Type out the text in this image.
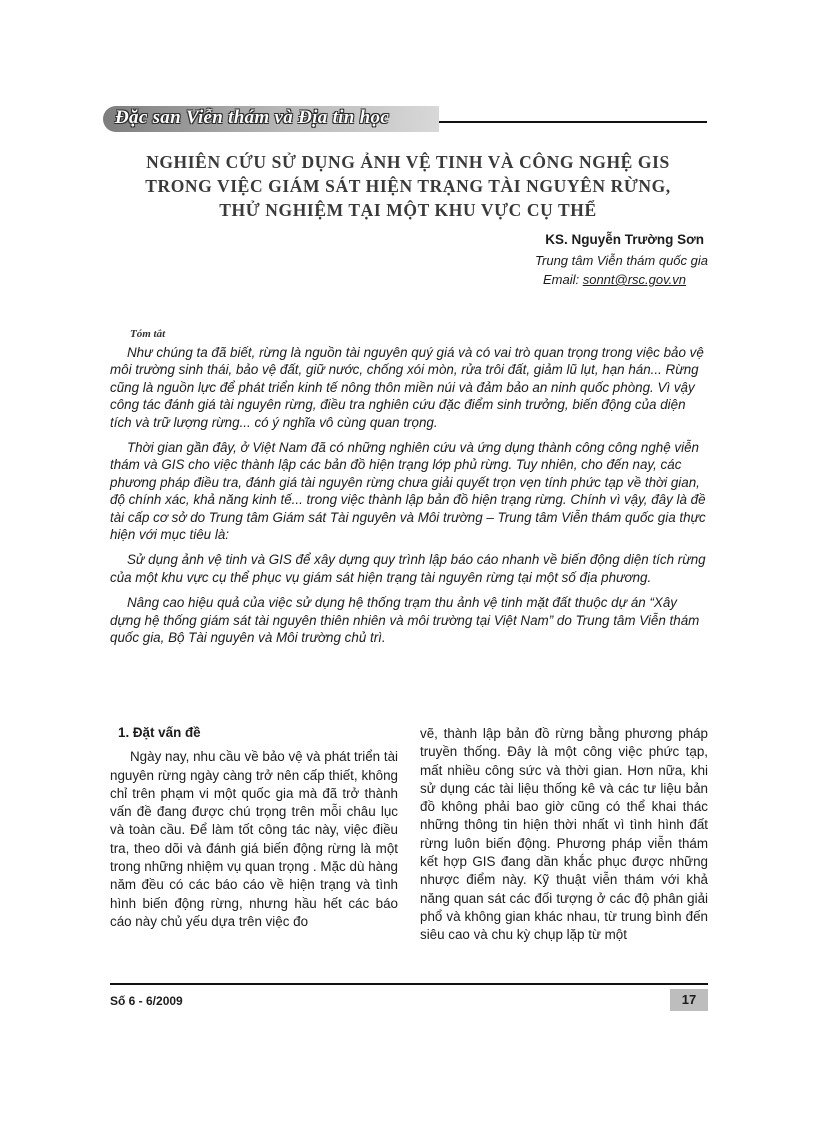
Đặc san Viễn thám và Địa tin học
NGHIÊN CỨU SỬ DỤNG ẢNH VỆ TINH VÀ CÔNG NGHỆ GIS
TRONG VIỆC GIÁM SÁT HIỆN TRẠNG TÀI NGUYÊN RỪNG,
THỬ NGHIỆM TẠI MỘT KHU VỰC CỤ THỂ
KS. Nguyễn Trường Sơn
Trung tâm Viễn thám quốc gia
Email: sonnt@rsc.gov.vn
Tóm tắt

Như chúng ta đã biết, rừng là nguồn tài nguyên quý giá và có vai trò quan trọng trong việc bảo vệ môi trường sinh thái, bảo vệ đất, giữ nước, chống xói mòn, rửa trôi đất, giảm lũ lụt, hạn hán... Rừng cũng là nguồn lực để phát triển kinh tế nông thôn miền núi và đảm bảo an ninh quốc phòng. Vì vậy công tác đánh giá tài nguyên rừng, điều tra nghiên cứu đặc điểm sinh trưởng, biến động của diện tích và trữ lượng rừng... có ý nghĩa vô cùng quan trọng.

Thời gian gần đây, ở Việt Nam đã có những nghiên cứu và ứng dụng thành công công nghệ viễn thám và GIS cho việc thành lập các bản đồ hiện trạng lớp phủ rừng. Tuy nhiên, cho đến nay, các phương pháp điều tra, đánh giá tài nguyên rừng chưa giải quyết trọn vẹn tính phức tạp về thời gian, độ chính xác, khả năng kinh tế... trong việc thành lập bản đồ hiện trạng rừng. Chính vì vậy, đây là đề tài cấp cơ sở do Trung tâm Giám sát Tài nguyên và Môi trường – Trung tâm Viễn thám quốc gia thực hiện với mục tiêu là:

Sử dụng ảnh vệ tinh và GIS để xây dựng quy trình lập báo cáo nhanh về biến động diện tích rừng của một khu vực cụ thể phục vụ giám sát hiện trạng tài nguyên rừng tại một số địa phương.

Nâng cao hiệu quả của việc sử dụng hệ thống trạm thu ảnh vệ tinh mặt đất thuộc dự án “Xây dựng hệ thống giám sát tài nguyên thiên nhiên và môi trường tại Việt Nam” do Trung tâm Viễn thám quốc gia, Bộ Tài nguyên và Môi trường chủ trì.

1. Đặt vấn đề

Ngày nay, nhu cầu về bảo vệ và phát triển tài nguyên rừng ngày càng trở nên cấp thiết, không chỉ trên phạm vi một quốc gia mà đã trở thành vấn đề đang được chú trọng trên mỗi châu lục và toàn cầu. Để làm tốt công tác này, việc điều tra, theo dõi và đánh giá biến động rừng là một trong những nhiệm vụ quan trọng . Mặc dù hàng năm đều có các báo cáo về hiện trạng và tình hình biến động rừng, nhưng hầu hết các báo cáo này chủ yếu dựa trên việc đo

vẽ, thành lập bản đồ rừng bằng phương pháp truyền thống. Đây là một công việc phức tạp, mất nhiều công sức và thời gian. Hơn nữa, khi sử dụng các tài liệu thống kê và các tư liệu bản đồ không phải bao giờ cũng có thể khai thác những thông tin hiện thời nhất vì tình hình đất rừng luôn biến động. Phương pháp viễn thám kết hợp GIS đang dần khắc phục được những nhược điểm này. Kỹ thuật viễn thám với khả năng quan sát các đối tượng ở các độ phân giải phổ và không gian khác nhau, từ trung bình đến siêu cao và chu kỳ chụp lặp từ một

Số 6 - 6/2009	17
